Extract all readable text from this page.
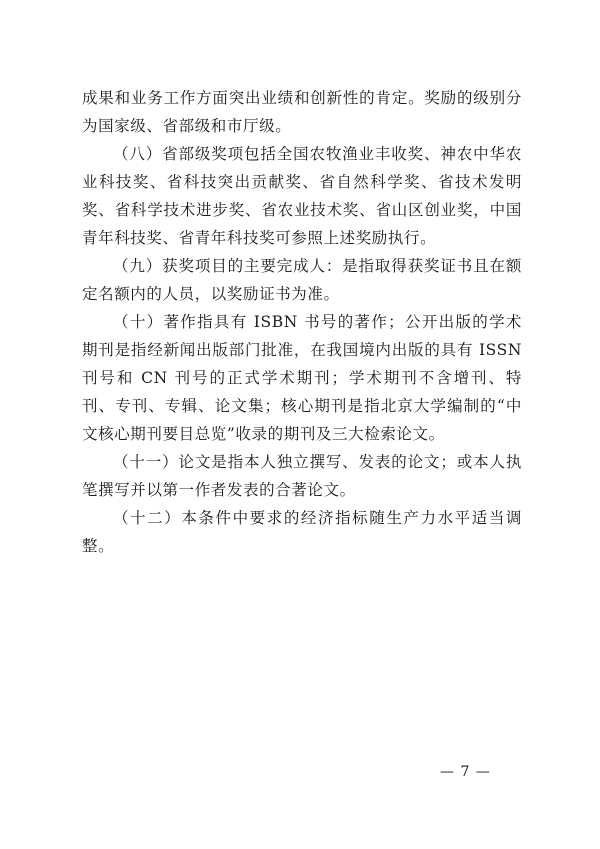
成果和业务工作方面突出业绩和创新性的肯定。奖励的级别分为国家级、省部级和市厅级。

（八）省部级奖项包括全国农牧渔业丰收奖、神农中华农业科技奖、省科技突出贡献奖、省自然科学奖、省技术发明奖、省科学技术进步奖、省农业技术奖、省山区创业奖，中国青年科技奖、省青年科技奖可参照上述奖励执行。

（九）获奖项目的主要完成人：是指取得获奖证书且在额定名额内的人员，以奖励证书为准。

（十）著作指具有 ISBN 书号的著作；公开出版的学术期刊是指经新闻出版部门批准，在我国境内出版的具有 ISSN 刊号和 CN 刊号的正式学术期刊；学术期刊不含增刊、特刊、专刊、专辑、论文集；核心期刊是指北京大学编制的“中文核心期刊要目总览”收录的期刊及三大检索论文。

（十一）论文是指本人独立撰写、发表的论文；或本人执笔撰写并以第一作者发表的合著论文。

（十二）本条件中要求的经济指标随生产力水平适当调整。

— 7 —
